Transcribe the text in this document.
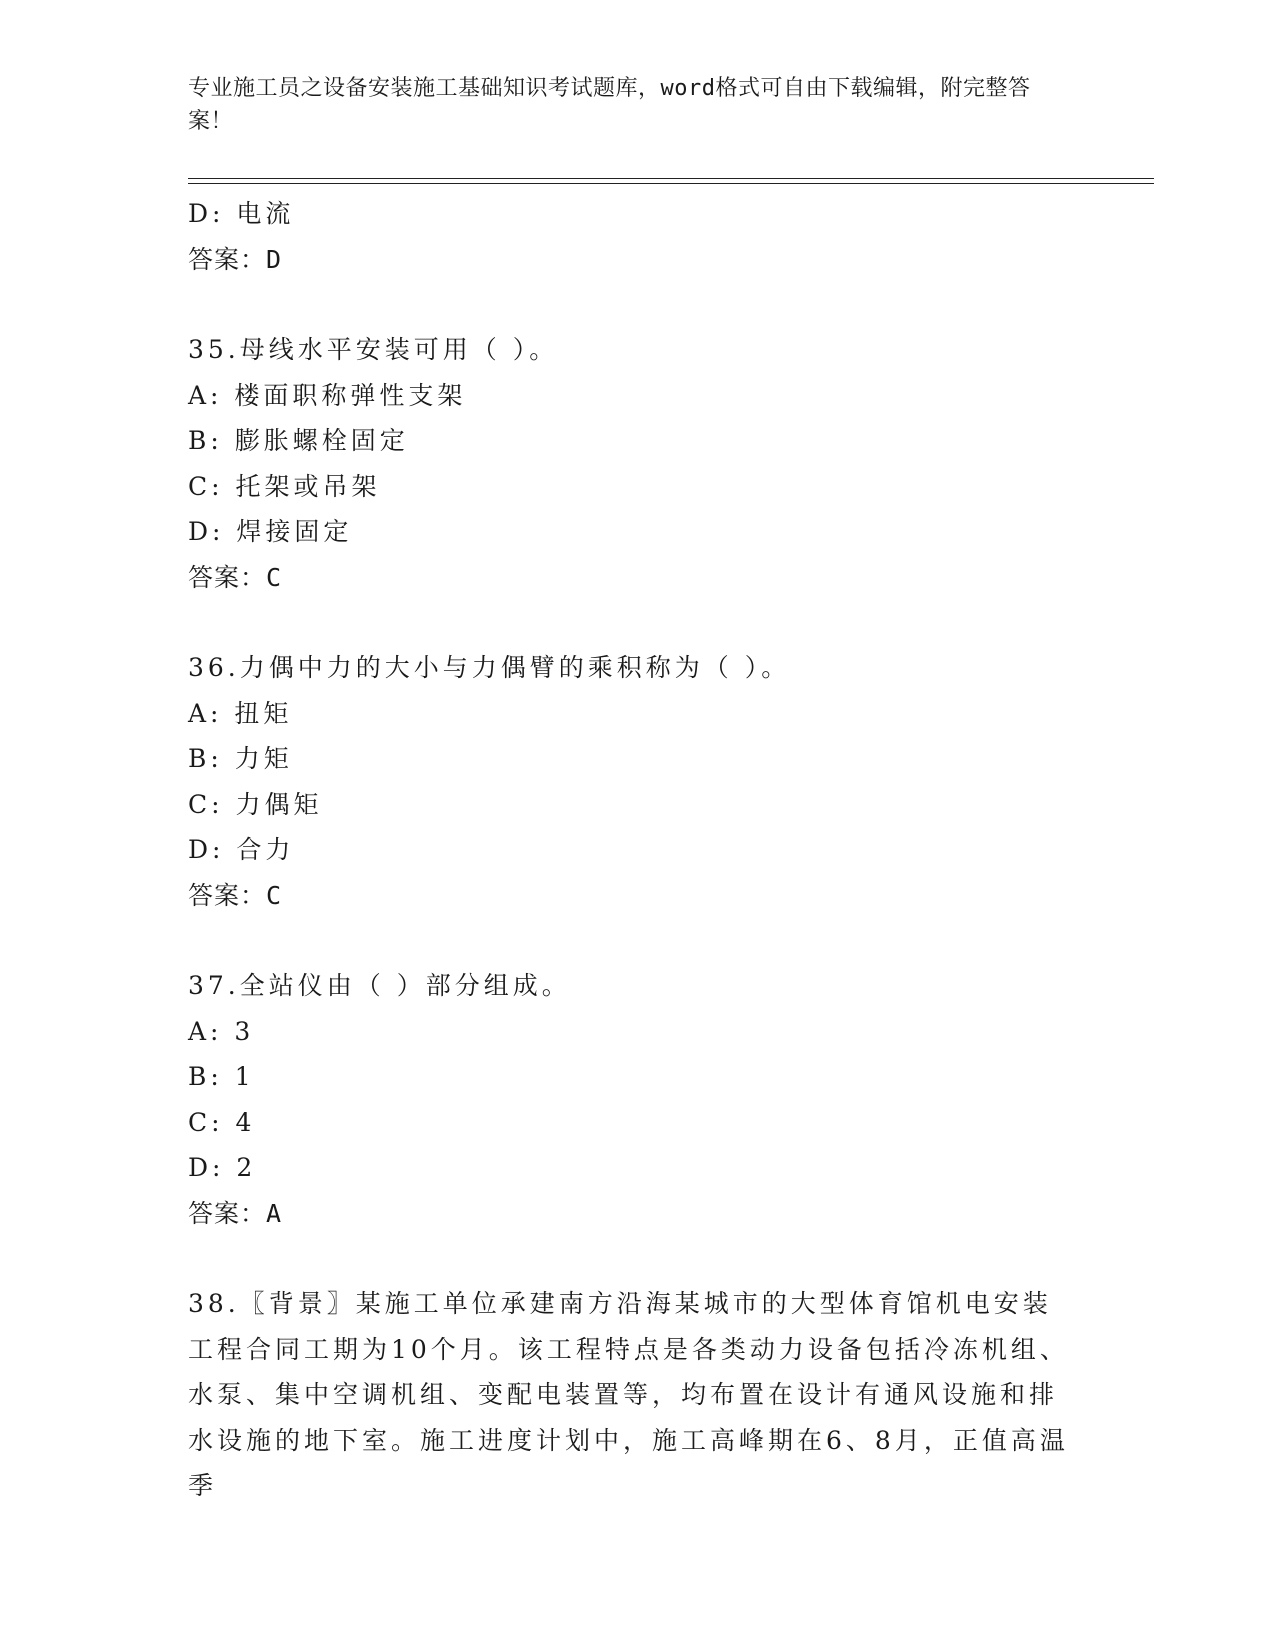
专业施工员之设备安装施工基础知识考试题库，word格式可自由下载编辑，附完整答案！
D: 电流
答案：D
35.母线水平安装可用（ ）。
A: 楼面职称弹性支架
B: 膨胀螺栓固定
C: 托架或吊架
D: 焊接固定
答案：C
36.力偶中力的大小与力偶臂的乘积称为（ ）。
A: 扭矩
B: 力矩
C: 力偶矩
D: 合力
答案：C
37.全站仪由（ ）部分组成。
A: 3
B: 1
C: 4
D: 2
答案：A
38.〖背景〗某施工单位承建南方沿海某城市的大型体育馆机电安装工程合同工期为10个月。该工程特点是各类动力设备包括冷冻机组、水泵、集中空调机组、变配电装置等，均布置在设计有通风设施和排水设施的地下室。施工进度计划中，施工高峰期在6、8月，正值高温季
